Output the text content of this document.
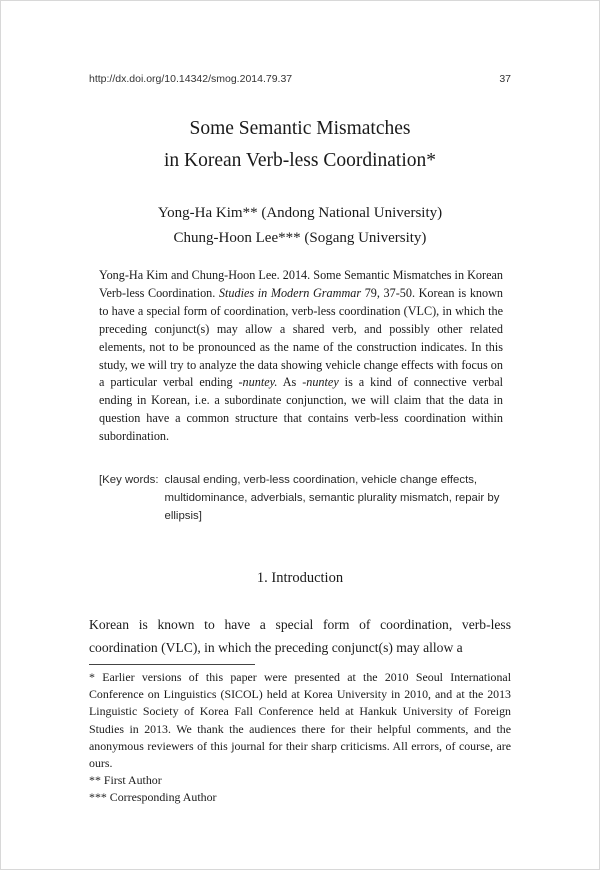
http://dx.doi.org/10.14342/smog.2014.79.37	37
Some Semantic Mismatches
in Korean Verb-less Coordination*
Yong-Ha Kim** (Andong National University)
Chung-Hoon Lee*** (Sogang University)
Yong-Ha Kim and Chung-Hoon Lee. 2014. Some Semantic Mismatches in Korean Verb-less Coordination. Studies in Modern Grammar 79, 37-50. Korean is known to have a special form of coordination, verb-less coordination (VLC), in which the preceding conjunct(s) may allow a shared verb, and possibly other related elements, not to be pronounced as the name of the construction indicates. In this study, we will try to analyze the data showing vehicle change effects with focus on a particular verbal ending -nuntey. As -nuntey is a kind of connective verbal ending in Korean, i.e. a subordinate conjunction, we will claim that the data in question have a common structure that contains verb-less coordination within subordination.
[Key words: clausal ending, verb-less coordination, vehicle change effects, multidominance, adverbials, semantic plurality mismatch, repair by ellipsis]
1. Introduction
Korean is known to have a special form of coordination, verb-less coordination (VLC), in which the preceding conjunct(s) may allow a

* Earlier versions of this paper were presented at the 2010 Seoul International Conference on Linguistics (SICOL) held at Korea University in 2010, and at the 2013 Linguistic Society of Korea Fall Conference held at Hankuk University of Foreign Studies in 2013. We thank the audiences there for their helpful comments, and the anonymous reviewers of this journal for their sharp criticisms. All errors, of course, are ours.

** First Author

*** Corresponding Author
